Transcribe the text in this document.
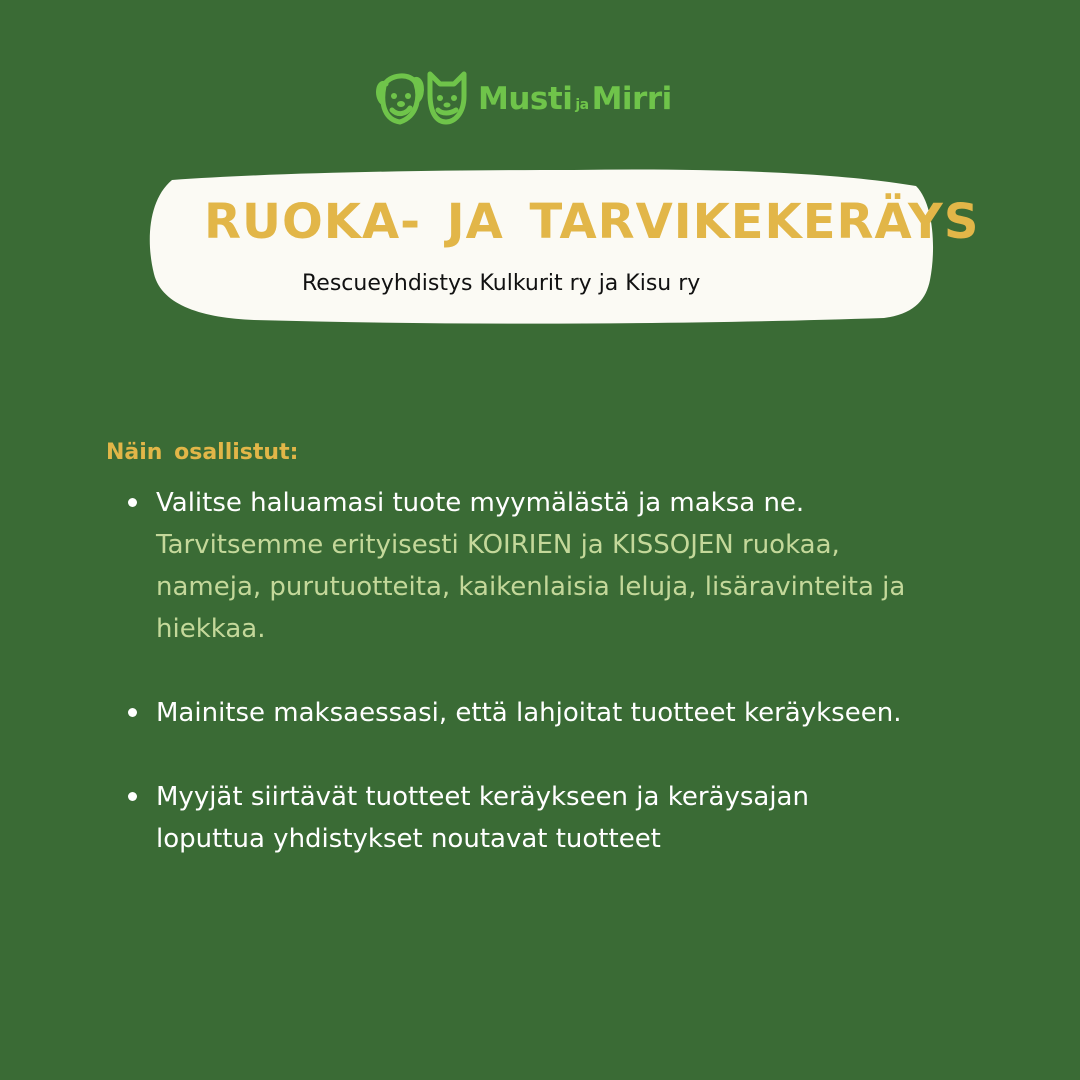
Musti ja Mirri
RUOKA- JA TARVIKEKERÄYS
Rescueyhdistys Kulkurit ry ja Kisu ry
Näin osallistut:
Valitse haluamasi tuote myymälästä ja maksa ne.
Tarvitsemme erityisesti KOIRIEN ja KISSOJEN ruokaa,
nameja, purutuotteita, kaikenlaisia leluja, lisäravinteita ja
hiekkaa.
Mainitse maksaessasi, että lahjoitat tuotteet keräykseen.
Myyjät siirtävät tuotteet keräykseen ja keräysajan
loputtua yhdistykset noutavat tuotteet
